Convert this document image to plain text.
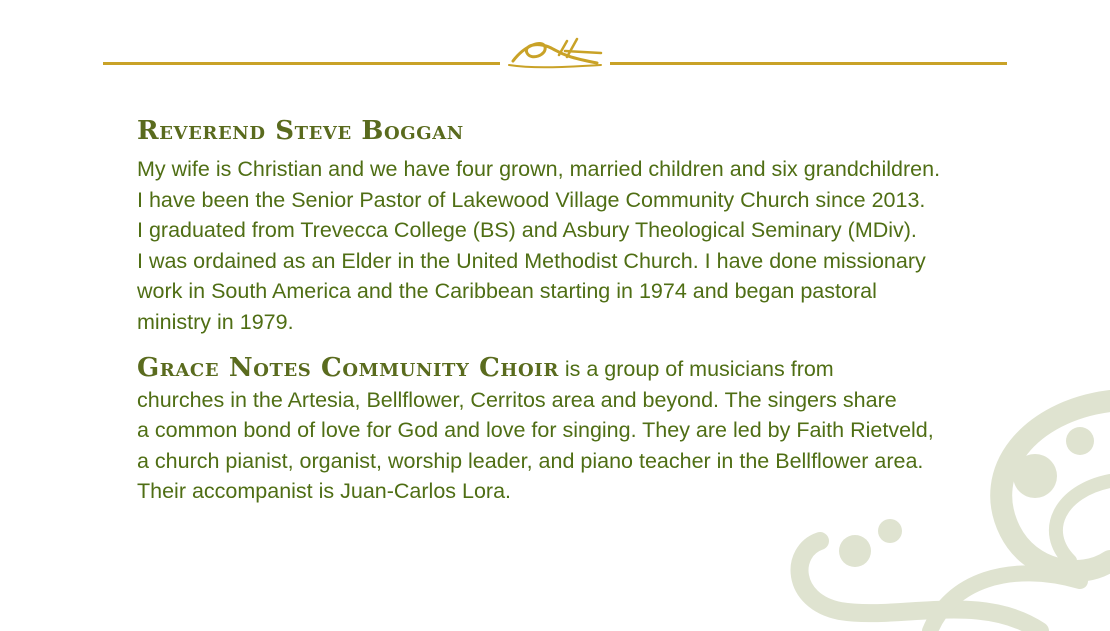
Reverend Steve Boggan
My wife is Christian and we have four grown, married children and six grandchildren.
I have been the Senior Pastor of Lakewood Village Community Church since 2013.
I graduated from Trevecca College (BS) and Asbury Theological Seminary (MDiv).
I was ordained as an Elder in the United Methodist Church. I have done missionary
work in South America and the Caribbean starting in 1974 and began pastoral
ministry in 1979.
Grace Notes Community Choir is a group of musicians from
churches in the Artesia, Bellflower, Cerritos area and beyond. The singers share
a common bond of love for God and love for singing. They are led by Faith Rietveld,
a church pianist, organist, worship leader, and piano teacher in the Bellflower area.
Their accompanist is Juan-Carlos Lora.
